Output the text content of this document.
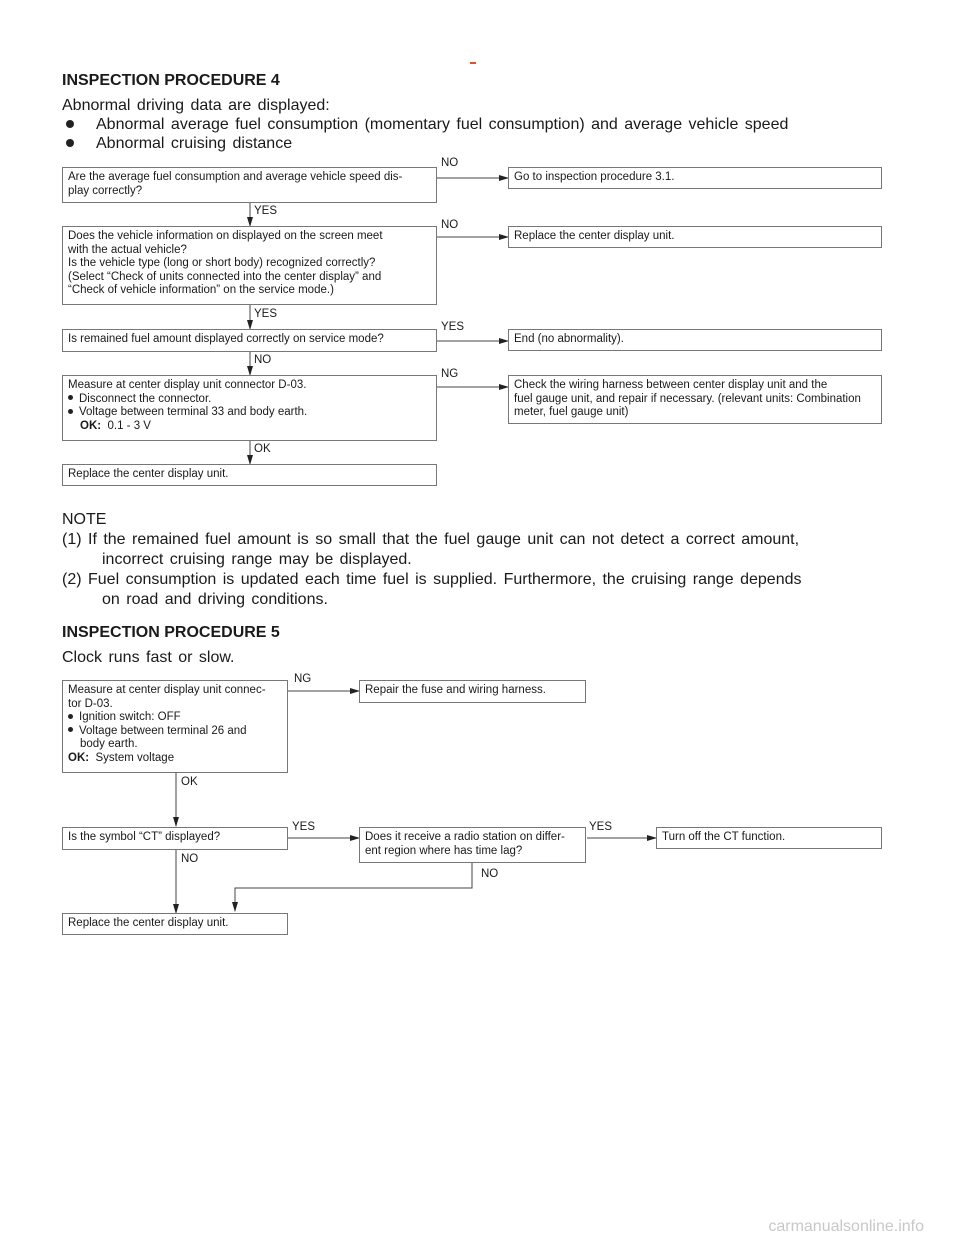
INSPECTION PROCEDURE 4
Abnormal driving data are displayed:
Abnormal average fuel consumption (momentary fuel consumption) and average vehicle speed
Abnormal cruising distance
Are the average fuel consumption and average vehicle speed dis-
play correctly?
NO
Go to inspection procedure 3.1.
YES
Does the vehicle information on displayed on the screen meet
with the actual vehicle?
Is the vehicle type (long or short body) recognized correctly?
(Select “Check of units connected into the center display” and
“Check of vehicle information” on the service mode.)
NO
Replace the center display unit.
YES
Is remained fuel amount displayed correctly on service mode?
YES
End (no abnormality).
NO
Measure at center display unit connector D-03.
Disconnect the connector.
Voltage between terminal 33 and body earth.
OK: 0.1 - 3 V
NG
Check the wiring harness between center display unit and the
fuel gauge unit, and repair if necessary. (relevant units: Combination
meter, fuel gauge unit)
OK
Replace the center display unit.
NOTE
(1) If the remained fuel amount is so small that the fuel gauge unit can not detect a correct amount,
incorrect cruising range may be displayed.
(2) Fuel consumption is updated each time fuel is supplied. Furthermore, the cruising range depends
on road and driving conditions.
INSPECTION PROCEDURE 5
Clock runs fast or slow.
Measure at center display unit connec-
tor D-03.
Ignition switch: OFF
Voltage between terminal 26 and
body earth.
OK: System voltage
NG
Repair the fuse and wiring harness.
OK
Is the symbol “CT” displayed?
YES
Does it receive a radio station on differ-
ent region where has time lag?
YES
Turn off the CT function.
NO
NO
Replace the center display unit.
carmanualsonline.info
